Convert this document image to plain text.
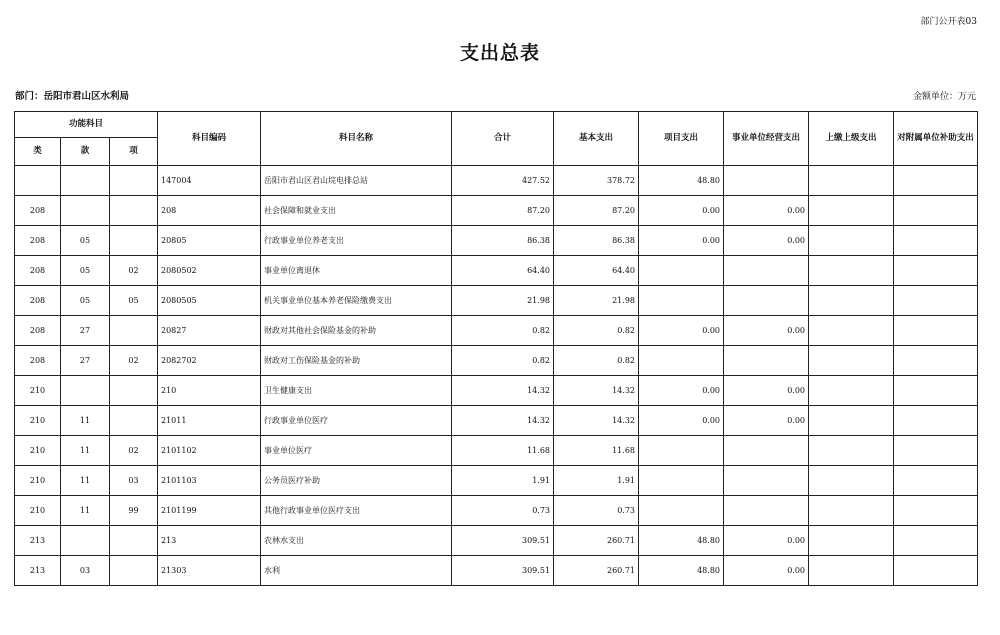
部门公开表03
支出总表
部门：岳阳市君山区水利局	金额单位：万元
功能科目			科目编码	科目名称	合计	基本支出	项目支出	事业单位经营支出	上缴上级支出	对附属单位补助支出
类	款	项								
			147004	岳阳市君山区君山垸电排总站	427.52	378.72	48.80			
208			208	社会保障和就业支出	87.20	87.20	0.00	0.00		
208	05		20805	行政事业单位养老支出	86.38	86.38	0.00	0.00		
208	05	02	2080502	事业单位离退休	64.40	64.40				
208	05	05	2080505	机关事业单位基本养老保险缴费支出	21.98	21.98				
208	27		20827	财政对其他社会保险基金的补助	0.82	0.82	0.00	0.00		
208	27	02	2082702	财政对工伤保险基金的补助	0.82	0.82				
210			210	卫生健康支出	14.32	14.32	0.00	0.00		
210	11		21011	行政事业单位医疗	14.32	14.32	0.00	0.00		
210	11	02	2101102	事业单位医疗	11.68	11.68				
210	11	03	2101103	公务员医疗补助	1.91	1.91				
210	11	99	2101199	其他行政事业单位医疗支出	0.73	0.73				
213			213	农林水支出	309.51	260.71	48.80	0.00		
213	03		21303	水利	309.51	260.71	48.80	0.00		
